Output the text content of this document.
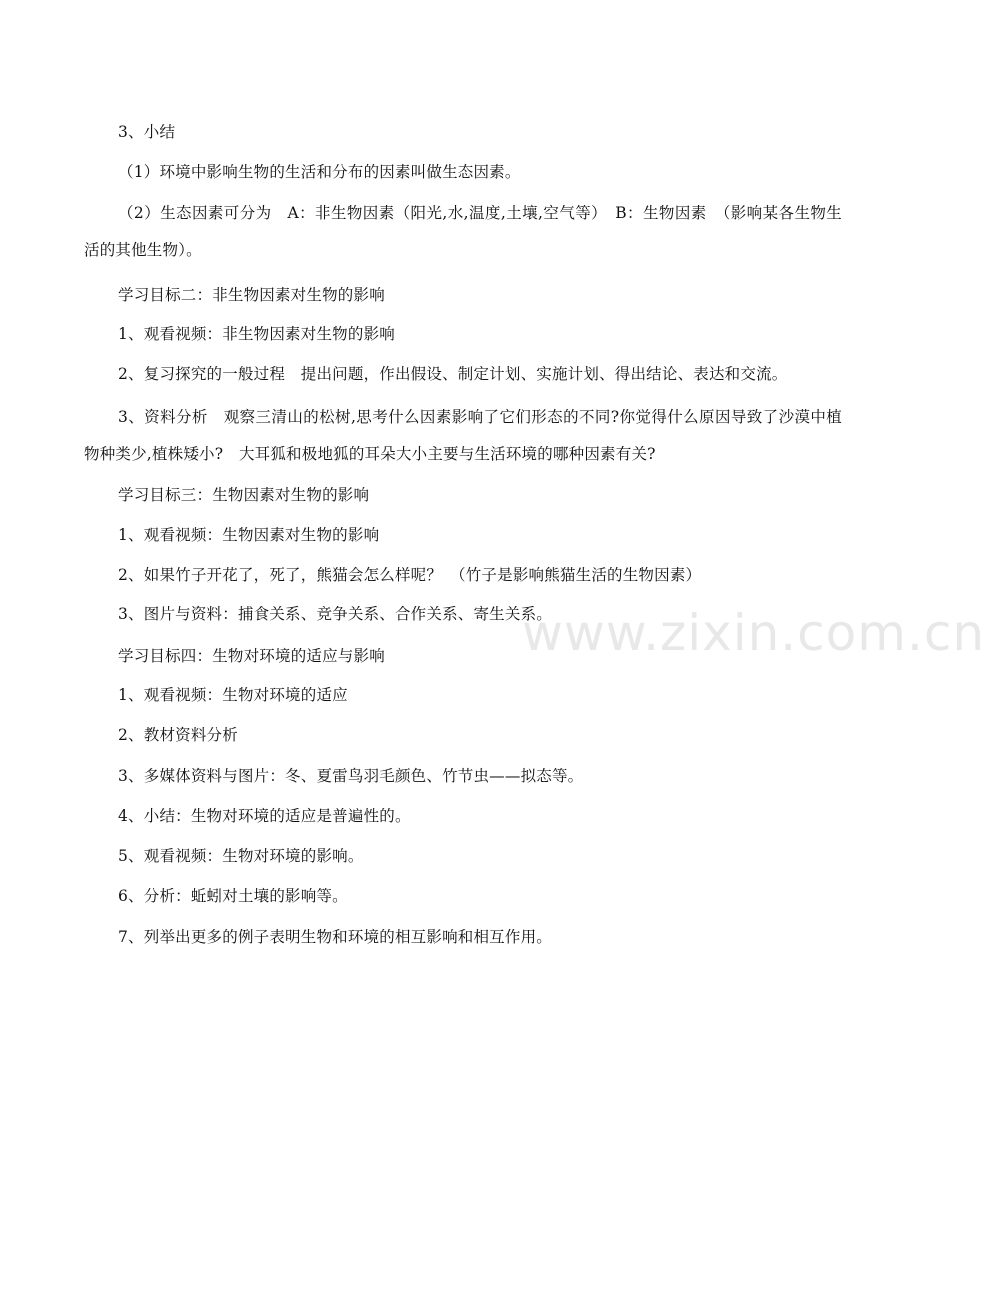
3、小结
（1）环境中影响生物的生活和分布的因素叫做生态因素。
（2）生态因素可分为　A：非生物因素（阳光,水,温度,土壤,空气等）　B：生物因素　（影响某各生物生活的其他生物）。
学习目标二：非生物因素对生物的影响
1、观看视频：非生物因素对生物的影响
2、复习探究的一般过程　提出问题，作出假设、制定计划、实施计划、得出结论、表达和交流。
3、资料分析　观察三清山的松树,思考什么因素影响了它们形态的不同?你觉得什么原因导致了沙漠中植物种类少,植株矮小?　大耳狐和极地狐的耳朵大小主要与生活环境的哪种因素有关?
学习目标三：生物因素对生物的影响
1、观看视频：生物因素对生物的影响
2、如果竹子开花了，死了，熊猫会怎么样呢？　（竹子是影响熊猫生活的生物因素）
3、图片与资料：捕食关系、竞争关系、合作关系、寄生关系。
学习目标四：生物对环境的适应与影响
1、观看视频：生物对环境的适应
2、教材资料分析
3、多媒体资料与图片：冬、夏雷鸟羽毛颜色、竹节虫——拟态等。
4、小结：生物对环境的适应是普遍性的。
5、观看视频：生物对环境的影响。
6、分析：蚯蚓对土壤的影响等。
7、列举出更多的例子表明生物和环境的相互影响和相互作用。
www.zixin.com.cn
